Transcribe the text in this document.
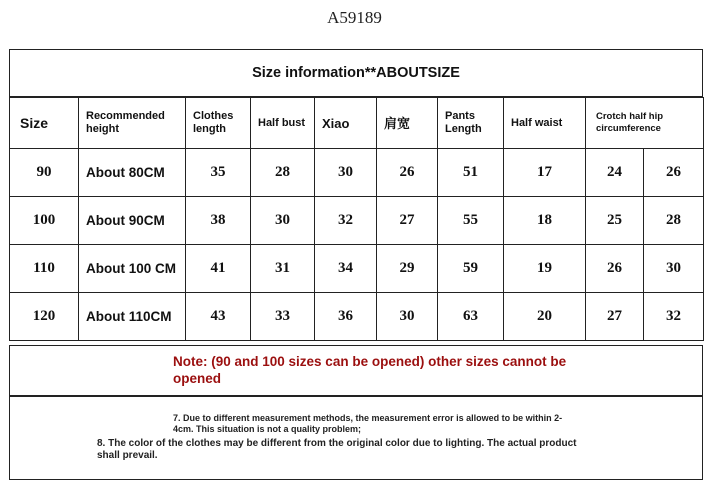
A59189
Size information**ABOUTSIZE
Size	Recommended height	Clothes length	Half bust	Xiao	肩宽	Pants Length	Half waist	Crotch half hip circumference	

90	About 80CM	35	28	30	26	51	17	24	26
100	About 90CM	38	30	32	27	55	18	25	28
110	About 100 CM	41	31	34	29	59	19	26	30
120	About 110CM	43	33	36	30	63	20	27	32
Note: (90 and 100 sizes can be opened) other sizes cannot be opened
7. Due to different measurement methods, the measurement error is allowed to be within 2-4cm. This situation is not a quality problem;
8. The color of the clothes may be different from the original color due to lighting. The actual product shall prevail.
